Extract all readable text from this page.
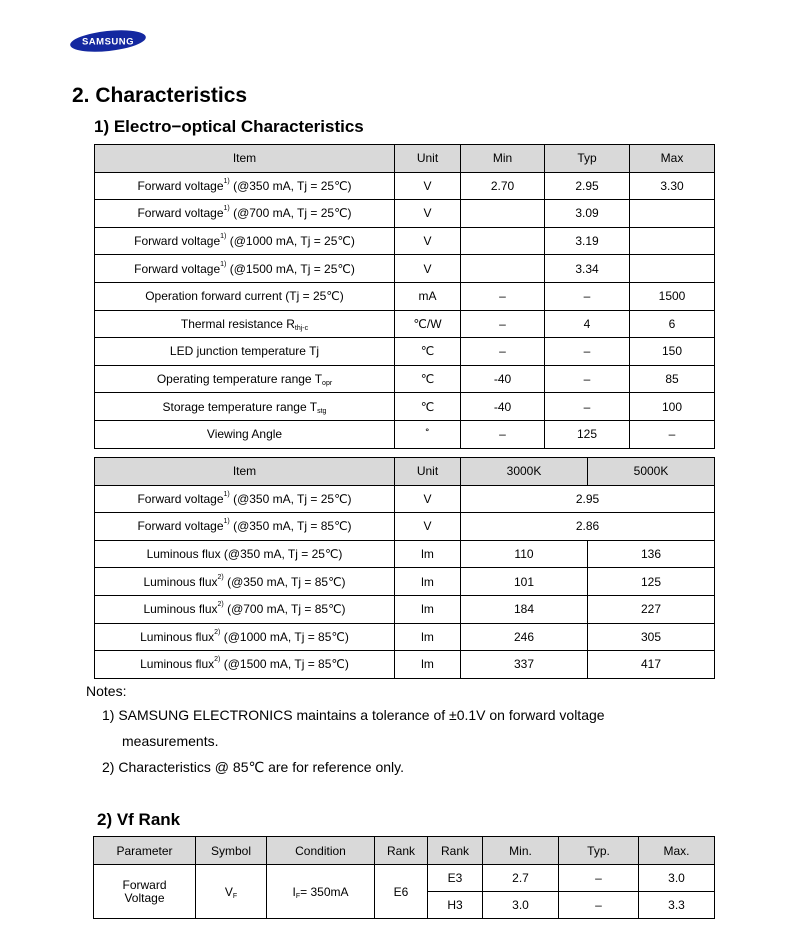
SAMSUNG
2. Characteristics
1) Electro−optical Characteristics
Item	Unit	Min	Typ	Max
Forward voltage$^{1)}$ (@350 mA, Tj = 25℃)	V	2.70	2.95	3.30
Forward voltage$^{1)}$ (@700 mA, Tj = 25℃)	V		3.09	
Forward voltage$^{1)}$ (@1000 mA, Tj = 25℃)	V		3.19	
Forward voltage$^{1)}$ (@1500 mA, Tj = 25℃)	V		3.34	
Operation forward current (Tj = 25℃)	mA	–	–	1500
Thermal resistance $R_{thj-c}$	℃/W	–	4	6
LED junction temperature Tj	℃	–	–	150
Operating temperature range $T_{opr}$	℃	-40	–	85
Storage temperature range $T_{stg}$	℃	-40	–	100
Viewing Angle	˚	–	125	–
Item	Unit	3000K	5000K
Forward voltage$^{1)}$ (@350 mA, Tj = 25℃)	V	2.95	
Forward voltage$^{1)}$ (@350 mA, Tj = 85℃)	V	2.86	
Luminous flux (@350 mA, Tj = 25℃)	lm	110	136
Luminous flux$^{2)}$ (@350 mA, Tj = 85℃)	lm	101	125
Luminous flux$^{2)}$ (@700 mA, Tj = 85℃)	lm	184	227
Luminous flux$^{2)}$ (@1000 mA, Tj = 85℃)	lm	246	305
Luminous flux$^{2)}$ (@1500 mA, Tj = 85℃)	lm	337	417
Notes:
1) SAMSUNG ELECTRONICS maintains a tolerance of ±0.1V on forward voltage
measurements.
2) Characteristics @ 85℃ are for reference only.
2) Vf Rank
Parameter	Symbol	Condition	Rank	Rank	Min.	Typ.	Max.
Forward
Voltage	$V_F$	$I_F= 350mA$	E6	E3	2.7	–	3.0
				H3	3.0	–	3.3
